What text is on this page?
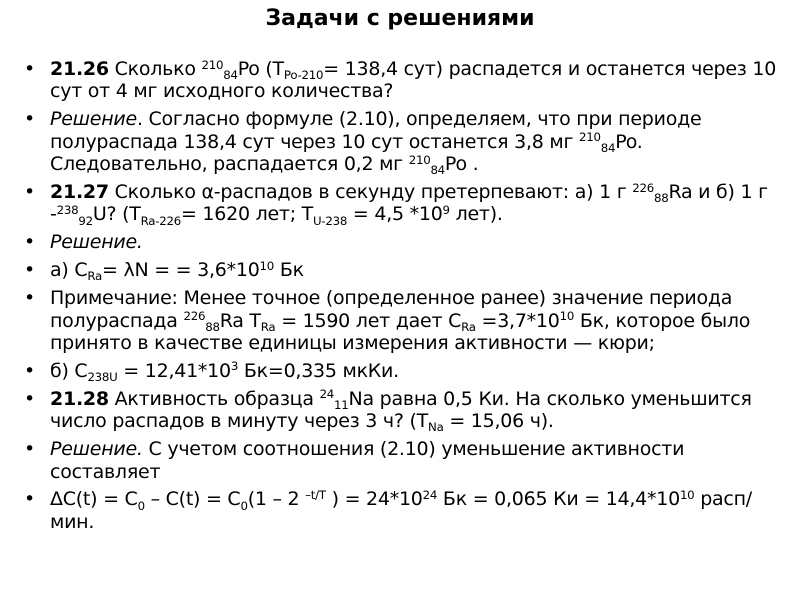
Задачи с решениями
• 21.26 Сколько $^{210}_{84}$Po ($T_{Po-210}= 138,4$ сут) распадется и останется через 10 сут от 4 мг исходного количества?
• Решение. Согласно формуле (2.10), определяем, что при периоде полураспада 138,4 сут через 10 сут останется 3,8 мг $^{210}_{84}$Po. Следовательно, распадается 0,2 мг $^{210}_{84}$Po .
• 21.27 Сколько α-распадов в секунду претерпевают: а) 1 г $^{226}_{88}$Ra и б) 1 г -$^{238}_{92}$U? ($T_{Ra-226}= 1620$ лет; $T_{U-238} = 4,5$ $*10^9$ лет).
• Решение.
• а) $C_{Ra}= \lambda N$ = = $3,6*10^{10}$ Бк
• Примечание: Менее точное (определенное ранее) значение периода полураспада $^{226}_{88}$Ra $T_{Ra} = 1590$ лет дает $C_{Ra} =3,7*10^{10}$ Бк, которое было принято в качестве единицы измерения активности — кюри;
• б) $C_{238U} = 12,41*10^3$ Бк=0,335 мкКи.
• 21.28 Активность образца $^{24}_{11}$Na равна 0,5 Ки. На сколько уменьшится число распадов в минуту через 3 ч? ($T_{Na} = 15,06$ ч).
• Решение. С учетом соотношения (2.10) уменьшение активности составляет
• $\Delta C(t) = C_0 - C(t) = C_0(1 - 2$ $^{-t/T}$ ) = $24*10^{24}$ Бк = 0,065 Ки = $14,4*10^{10}$ расп/мин.
